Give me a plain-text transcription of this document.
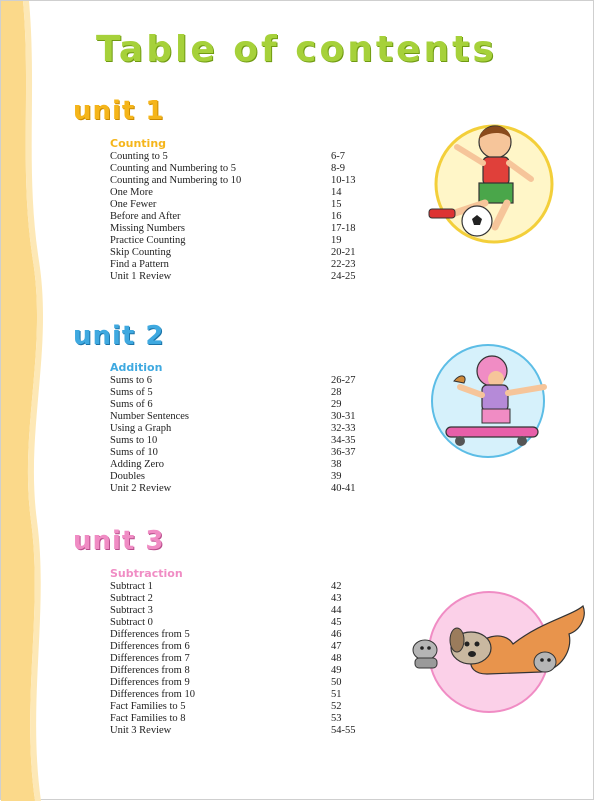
Table of contents
unit 1
Counting
Counting to 5	6-7
Counting and Numbering to 5	8-9
Counting and Numbering to 10	10-13
One More	14
One Fewer	15
Before and After	16
Missing Numbers	17-18
Practice Counting	19
Skip Counting	20-21
Find a Pattern	22-23
Unit 1 Review	24-25
unit 2
Addition
Sums to 6	26-27
Sums of 5	28
Sums of 6	29
Number Sentences	30-31
Using a Graph	32-33
Sums to 10	34-35
Sums of 10	36-37
Adding Zero	38
Doubles	39
Unit 2 Review	40-41
unit 3
Subtraction
Subtract 1	42
Subtract 2	43
Subtract 3	44
Subtract 0	45
Differences from 5	46
Differences from 6	47
Differences from 7	48
Differences from 8	49
Differences from 9	50
Differences from 10	51
Fact Families to 5	52
Fact Families to 8	53
Unit 3 Review	54-55
